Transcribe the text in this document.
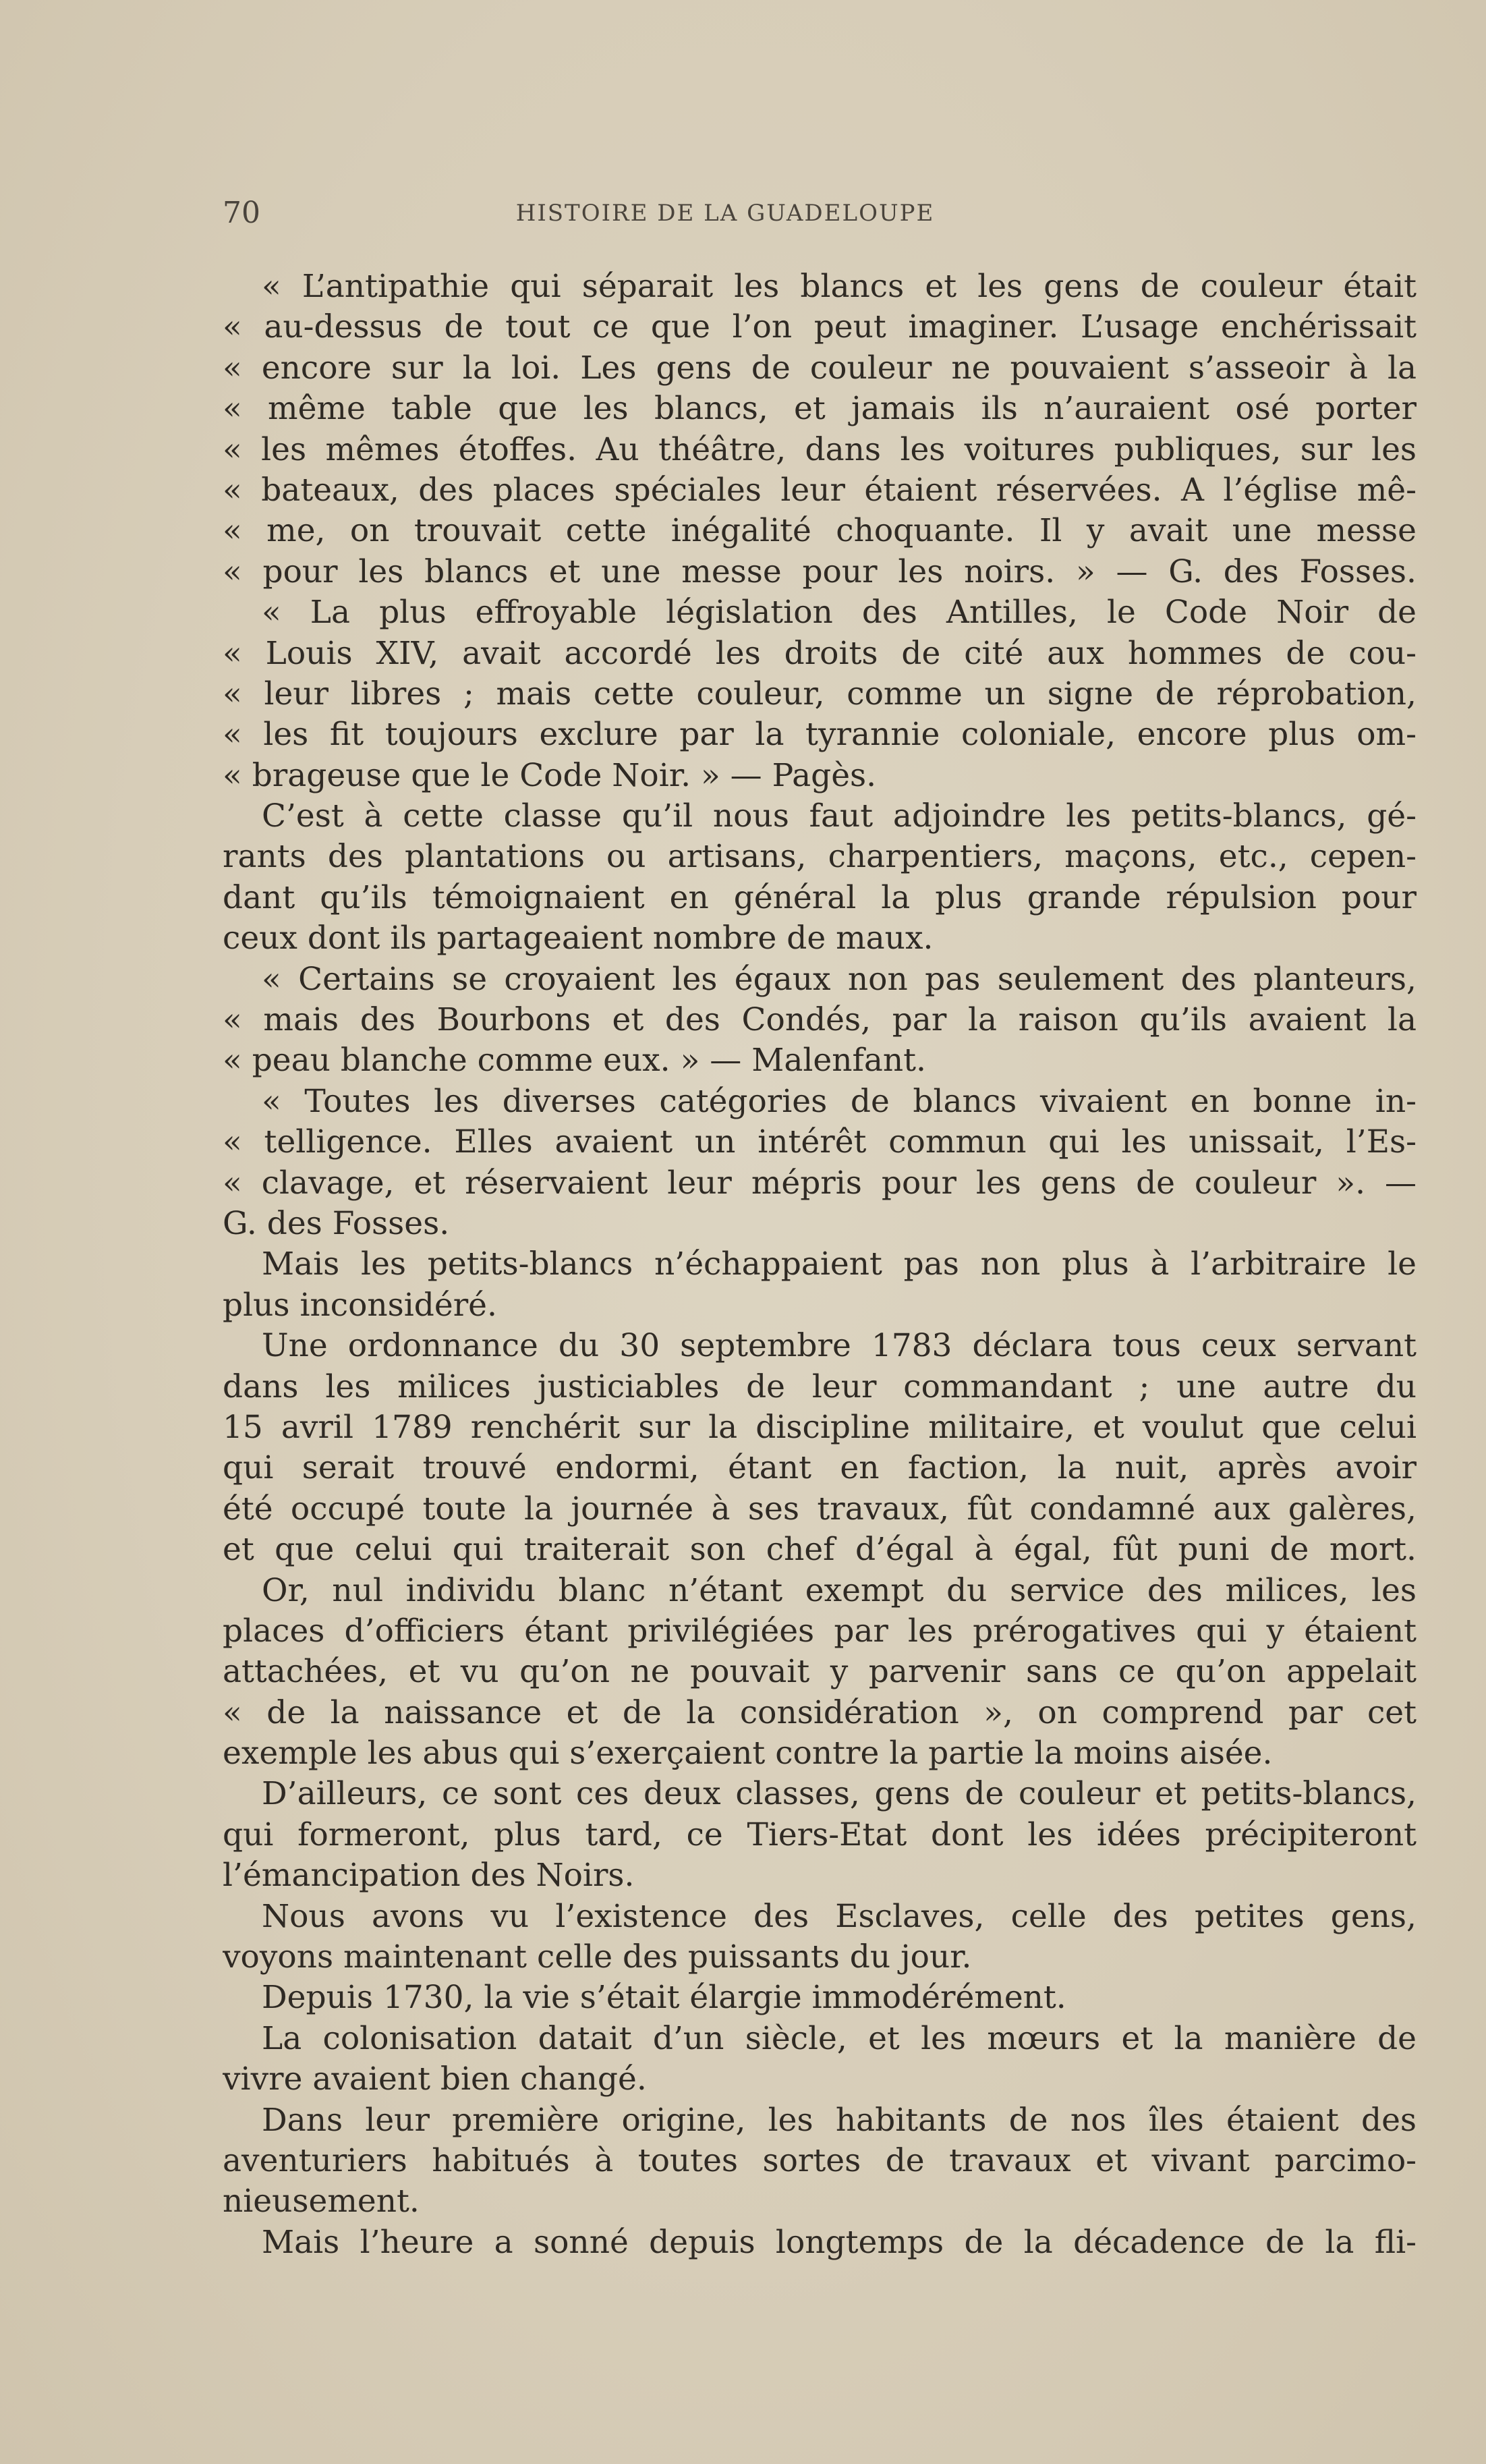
70	HISTOIRE DE LA GUADELOUPE
« L’antipathie qui séparait les blancs et les gens de couleur était
« au-dessus de tout ce que l’on peut imaginer. L’usage enchérissait
« encore sur la loi. Les gens de couleur ne pouvaient s’asseoir à la
« même table que les blancs, et jamais ils n’auraient osé porter
« les mêmes étoffes. Au théâtre, dans les voitures publiques, sur les
« bateaux, des places spéciales leur étaient réservées. A l’église mê-
« me, on trouvait cette inégalité choquante. Il y avait une messe
« pour les blancs et une messe pour les noirs. » — G. des Fosses.
« La plus effroyable législation des Antilles, le Code Noir de
« Louis XIV, avait accordé les droits de cité aux hommes de cou-
« leur libres ; mais cette couleur, comme un signe de réprobation,
« les fit toujours exclure par la tyrannie coloniale, encore plus om-
« brageuse que le Code Noir. » — Pagès.
C’est à cette classe qu’il nous faut adjoindre les petits-blancs, gé-
rants des plantations ou artisans, charpentiers, maçons, etc., cepen-
dant qu’ils témoignaient en général la plus grande répulsion pour
ceux dont ils partageaient nombre de maux.
« Certains se croyaient les égaux non pas seulement des planteurs,
« mais des Bourbons et des Condés, par la raison qu’ils avaient la
« peau blanche comme eux. » — Malenfant.
« Toutes les diverses catégories de blancs vivaient en bonne in-
« telligence. Elles avaient un intérêt commun qui les unissait, l’Es-
« clavage, et réservaient leur mépris pour les gens de couleur ». —
G. des Fosses.
Mais les petits-blancs n’échappaient pas non plus à l’arbitraire le
plus inconsidéré.
Une ordonnance du 30 septembre 1783 déclara tous ceux servant
dans les milices justiciables de leur commandant ; une autre du
15 avril 1789 renchérit sur la discipline militaire, et voulut que celui
qui serait trouvé endormi, étant en faction, la nuit, après avoir
été occupé toute la journée à ses travaux, fût condamné aux galères,
et que celui qui traiterait son chef d’égal à égal, fût puni de mort.
Or, nul individu blanc n’étant exempt du service des milices, les
places d’officiers étant privilégiées par les prérogatives qui y étaient
attachées, et vu qu’on ne pouvait y parvenir sans ce qu’on appelait
« de la naissance et de la considération », on comprend par cet
exemple les abus qui s’exerçaient contre la partie la moins aisée.
D’ailleurs, ce sont ces deux classes, gens de couleur et petits-blancs,
qui formeront, plus tard, ce Tiers-Etat dont les idées précipiteront
l’émancipation des Noirs.
Nous avons vu l’existence des Esclaves, celle des petites gens,
voyons maintenant celle des puissants du jour.
Depuis 1730, la vie s’était élargie immodérément.
La colonisation datait d’un siècle, et les mœurs et la manière de
vivre avaient bien changé.
Dans leur première origine, les habitants de nos îles étaient des
aventuriers habitués à toutes sortes de travaux et vivant parcimo-
nieusement.
Mais l’heure a sonné depuis longtemps de la décadence de la fli-
